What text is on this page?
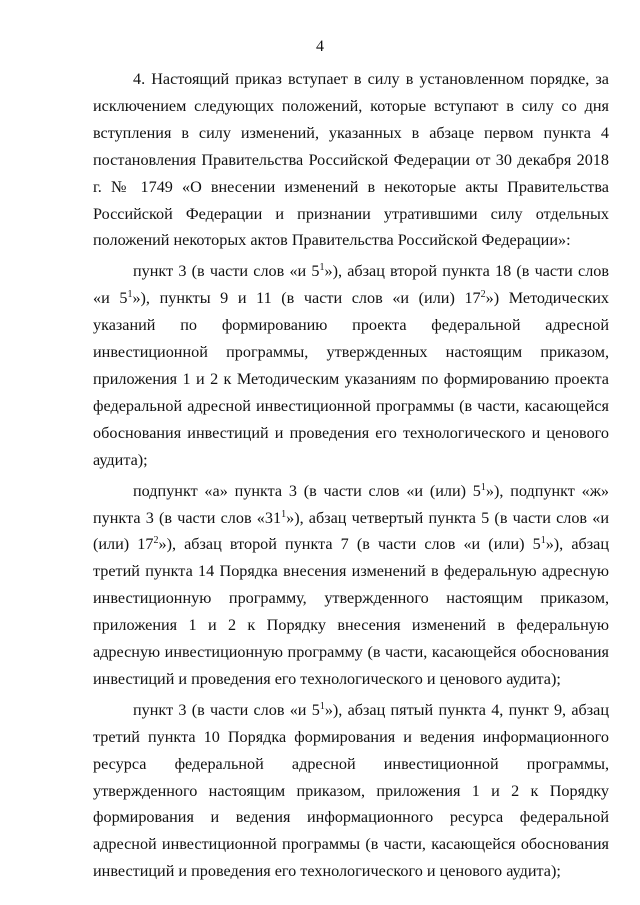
4

4. Настоящий приказ вступает в силу в установленном порядке, за исключением следующих положений, которые вступают в силу со дня вступления в силу изменений, указанных в абзаце первом пункта 4 постановления Правительства Российской Федерации от 30 декабря 2018 г. № 1749 «О внесении изменений в некоторые акты Правительства Российской Федерации и признании утратившими силу отдельных положений некоторых актов Правительства Российской Федерации»:

пункт 3 (в части слов «и $5^1$»), абзац второй пункта 18 (в части слов «и $5^1$»), пункты 9 и 11 (в части слов «и (или) $17^2$») Методических указаний по формированию проекта федеральной адресной инвестиционной программы, утвержденных настоящим приказом, приложения 1 и 2 к Методическим указаниям по формированию проекта федеральной адресной инвестиционной программы (в части, касающейся обоснования инвестиций и проведения его технологического и ценового аудита);

подпункт «а» пункта 3 (в части слов «и (или) $5^1$»), подпункт «ж» пункта 3 (в части слов «$31^1$»), абзац четвертый пункта 5 (в части слов «и (или) $17^2$»), абзац второй пункта 7 (в части слов «и (или) $5^1$»), абзац третий пункта 14 Порядка внесения изменений в федеральную адресную инвестиционную программу, утвержденного настоящим приказом, приложения 1 и 2 к Порядку внесения изменений в федеральную адресную инвестиционную программу (в части, касающейся обоснования инвестиций и проведения его технологического и ценового аудита);

пункт 3 (в части слов «и $5^1$»), абзац пятый пункта 4, пункт 9, абзац третий пункта 10 Порядка формирования и ведения информационного ресурса федеральной адресной инвестиционной программы, утвержденного настоящим приказом, приложения 1 и 2 к Порядку формирования и ведения информационного ресурса федеральной адресной инвестиционной программы (в части, касающейся обоснования инвестиций и проведения его технологического и ценового аудита);
